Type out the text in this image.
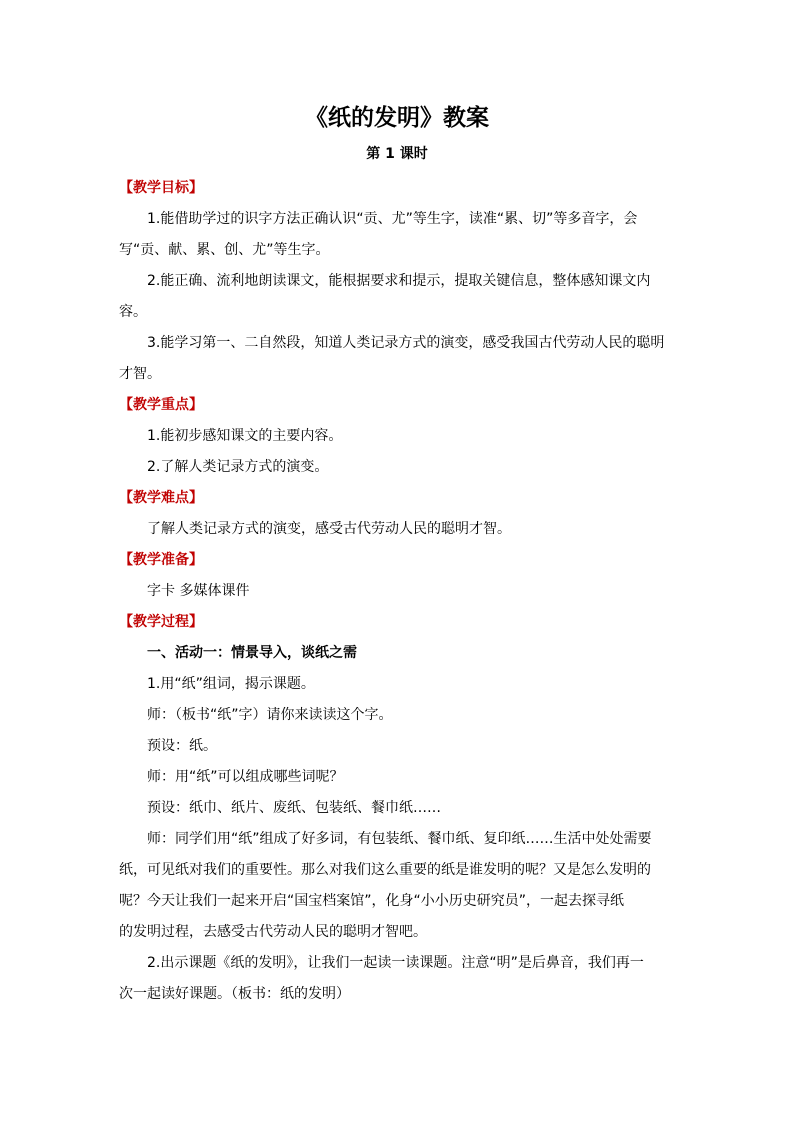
《纸的发明》教案
第 1 课时
【教学目标】
1.能借助学过的识字方法正确认识“贡、尤”等生字，读准“累、切”等多音字，会
写“贡、献、累、创、尤”等生字。
2.能正确、流利地朗读课文，能根据要求和提示，提取关键信息，整体感知课文内
容。
3.能学习第一、二自然段，知道人类记录方式的演变，感受我国古代劳动人民的聪明
才智。
【教学重点】
1.能初步感知课文的主要内容。
2.了解人类记录方式的演变。
【教学难点】
了解人类记录方式的演变，感受古代劳动人民的聪明才智。
【教学准备】
字卡 多媒体课件
【教学过程】
一、活动一：情景导入，谈纸之需
1.用“纸”组词，揭示课题。
师：（板书“纸”字）请你来读读这个字。
预设：纸。
师：用“纸”可以组成哪些词呢？
预设：纸巾、纸片、废纸、包装纸、餐巾纸……
师：同学们用“纸”组成了好多词，有包装纸、餐巾纸、复印纸……生活中处处需要
纸，可见纸对我们的重要性。那么对我们这么重要的纸是谁发明的呢？又是怎么发明的
呢？今天让我们一起来开启“国宝档案馆”，化身“小小历史研究员”，一起去探寻纸
的发明过程，去感受古代劳动人民的聪明才智吧。
2.出示课题《纸的发明》，让我们一起读一读课题。注意“明”是后鼻音，我们再一
次一起读好课题。（板书：纸的发明）
